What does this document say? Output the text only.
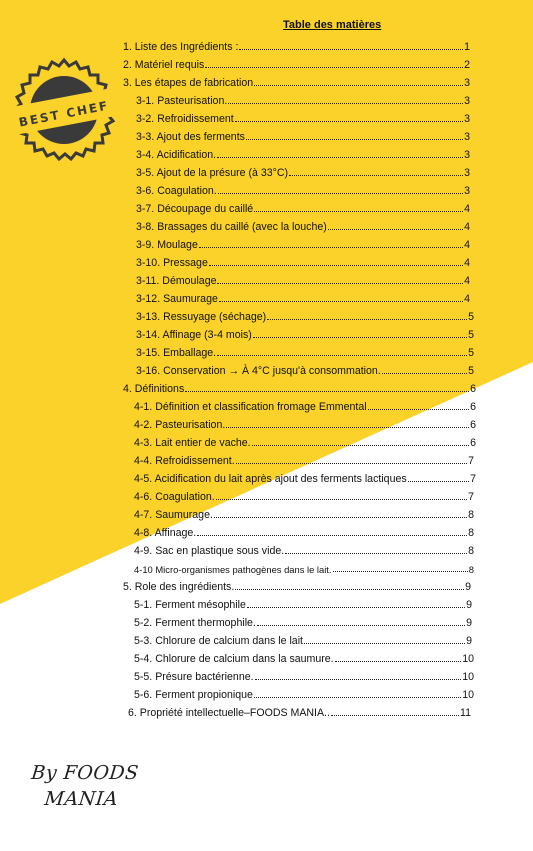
BEST CHEF
Table des matières
1. Liste des Ingrédients :	1
2. Matériel requis	2
3. Les étapes de fabrication	3
3-1. Pasteurisation.	3
3-2. Refroidissement	3
3-3. Ajout des ferments	3
3-4. Acidification.	3
3-5. Ajout de la présure (à 33°C)	3
3-6. Coagulation.	3
3-7. Découpage du caillé	4
3-8. Brassages du caillé (avec la louche)	4
3-9. Moulage	4
3-10. Pressage	4
3-11. Démoulage	4
3-12. Saumurage	4
3-13. Ressuyage (séchage)	5
3-14. Affinage (3-4 mois)	5
3-15. Emballage.	5
3-16. Conservation → À 4°C jusqu'à consommation.	5
4. Définitions	6
4-1. Définition et classification fromage Emmental	6
4-2. Pasteurisation.	6
4-3. Lait entier de vache.	6
4-4. Refroidissement.	7
4-5. Acidification du lait après ajout des ferments lactiques	7
4-6. Coagulation.	7
4-7. Saumurage.	8
4-8. Affinage.	8
4-9. Sac en plastique sous vide.	8
4-10 Micro-organismes pathogènes dans le lait.	8
5. Role des ingrédients.	9
5-1. Ferment mésophile	9
5-2. Ferment thermophile.	9
5-3. Chlorure de calcium dans le lait	9
5-4. Chlorure de calcium dans la saumure.	10
5-5. Présure bactérienne.	10
5-6. Ferment propionique	10
6. Propriété intellectuelle–FOODS MANIA..	11
By FOODS
MANIA
